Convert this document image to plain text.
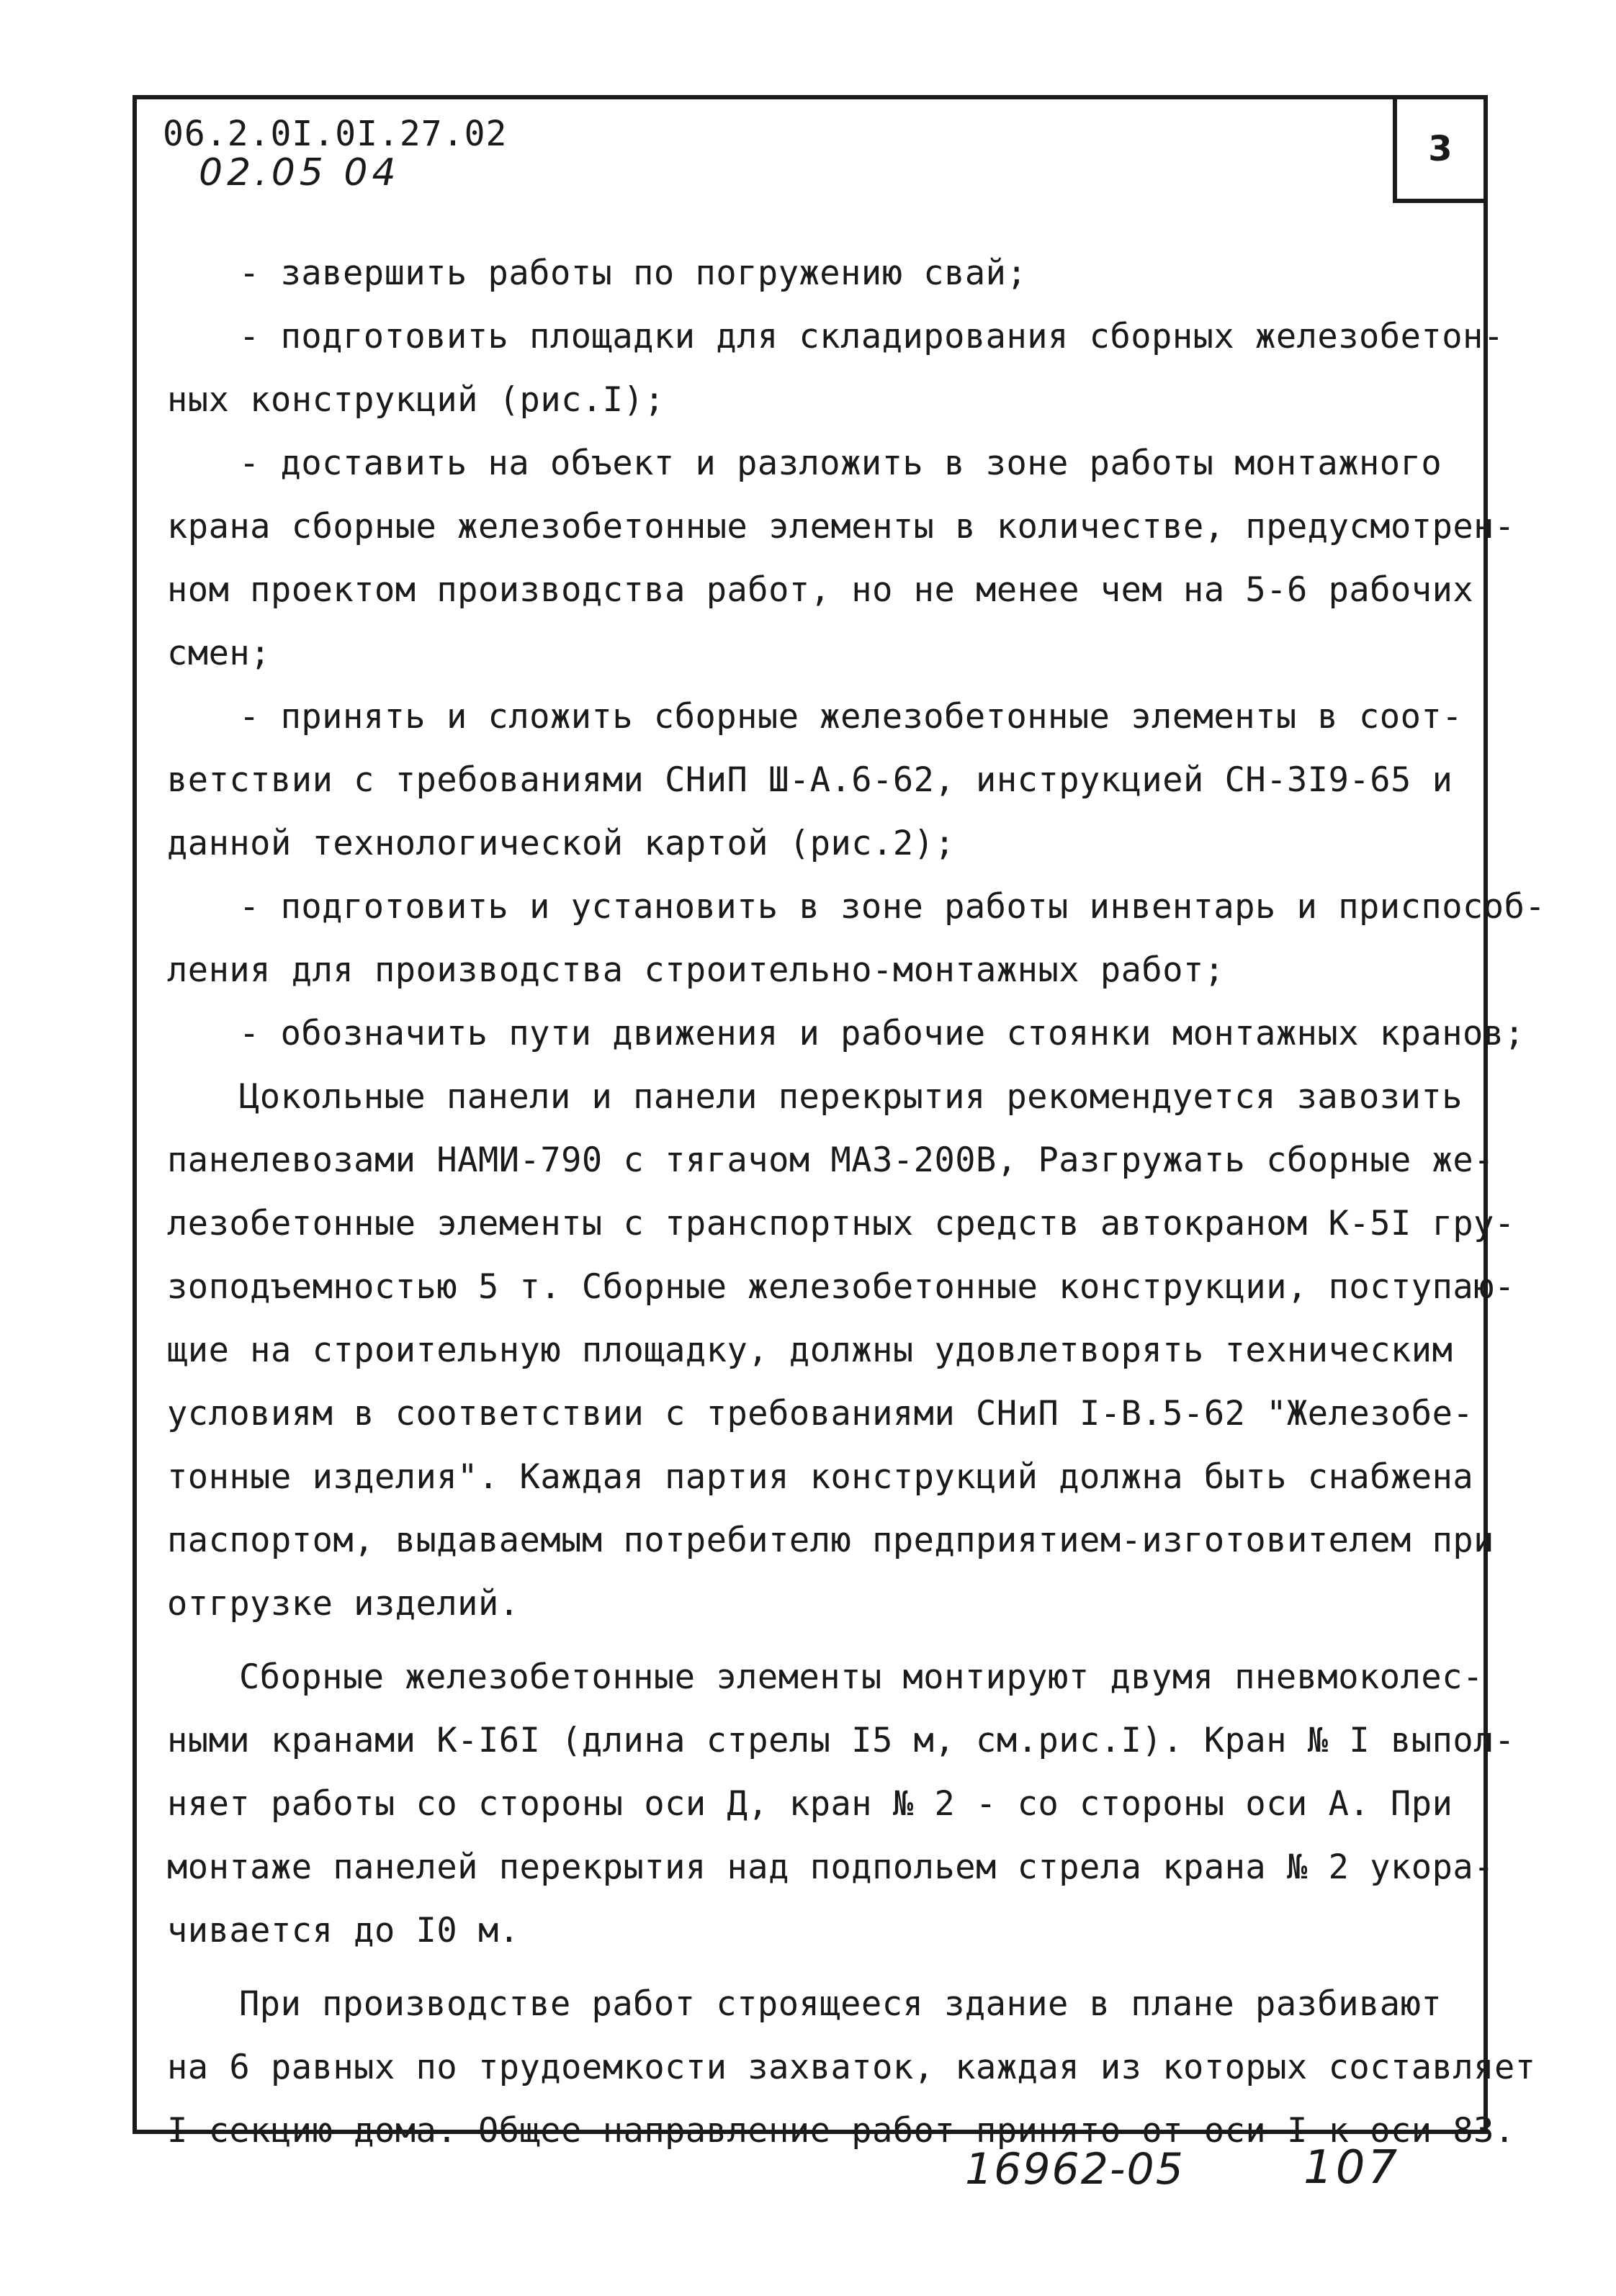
3
06.2.0I.0I.27.02
02.05 04
- завершить работы по погружению свай;
- подготовить площадки для складирования сборных железобетон-
ных конструкций (рис.I);
- доставить на объект и разложить в зоне работы монтажного
крана сборные железобетонные элементы в количестве, предусмотрен-
ном проектом производства работ, но не менее чем на 5-6 рабочих
смен;
- принять и сложить сборные железобетонные элементы в соот-
ветствии с требованиями СНиП Ш-А.6-62, инструкцией СН-3I9-65 и
данной технологической картой (рис.2);
- подготовить и установить в зоне работы инвентарь и приспособ-
ления для производства строительно-монтажных работ;
- обозначить пути движения и рабочие стоянки монтажных кранов;
Цокольные панели и панели перекрытия рекомендуется завозить
панелевозами НАМИ-790 с тягачом МАЗ-200В, Разгружать сборные же-
лезобетонные элементы с транспортных средств автокраном К-5I гру-
зоподъемностью 5 т. Сборные железобетонные конструкции, поступаю-
щие на строительную площадку, должны удовлетворять техническим
условиям в соответствии с требованиями СНиП I-В.5-62 "Железобе-
тонные изделия". Каждая партия конструкций должна быть снабжена
паспортом, выдаваемым потребителю предприятием-изготовителем при
отгрузке изделий.
Сборные железобетонные элементы монтируют двумя пневмоколес-
ными кранами К-I6I (длина стрелы I5 м, см.рис.I). Кран № I выпол-
няет работы со стороны оси Д, кран № 2 - со стороны оси А. При
монтаже панелей перекрытия над подпольем стрела крана № 2 укора-
чивается до I0 м.
При производстве работ строящееся здание в плане разбивают
на 6 равных по трудоемкости захваток, каждая из которых составляет
I секцию дома. Общее направление работ принято от оси I к оси 83.
16962-05	107
